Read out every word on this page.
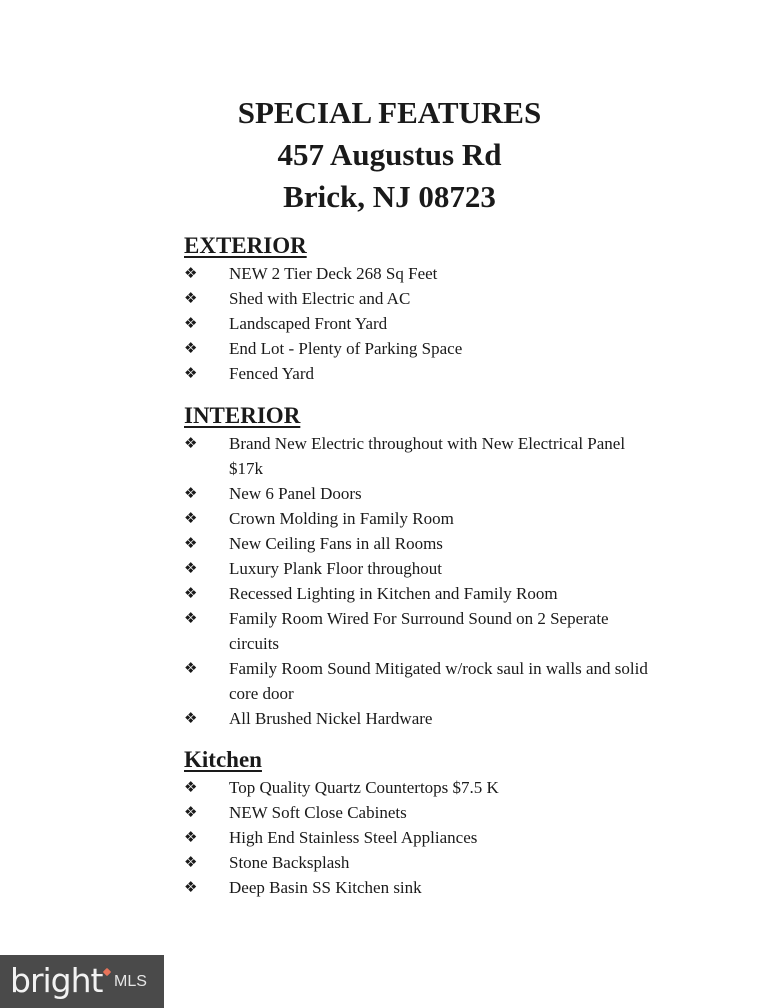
SPECIAL FEATURES

457 Augustus Rd

Brick, NJ 08723

EXTERIOR
❖ NEW 2 Tier Deck 268 Sq Feet
❖ Shed with Electric and AC
❖ Landscaped Front Yard
❖ End Lot - Plenty of Parking Space
❖ Fenced Yard
INTERIOR
❖ Brand New Electric throughout with New Electrical Panel $17k
❖ New 6 Panel Doors
❖ Crown Molding in Family Room
❖ New Ceiling Fans in all Rooms
❖ Luxury Plank Floor throughout
❖ Recessed Lighting in Kitchen and Family Room
❖ Family Room Wired For Surround Sound on 2 Seperate circuits
❖ Family Room Sound Mitigated w/rock saul in walls and solid core door
❖ All Brushed Nickel Hardware
Kitchen
❖ Top Quality Quartz Countertops $7.5 K
❖ NEW Soft Close Cabinets
❖ High End Stainless Steel Appliances
❖ Stone Backsplash
❖ Deep Basin SS Kitchen sink
bright MLS
